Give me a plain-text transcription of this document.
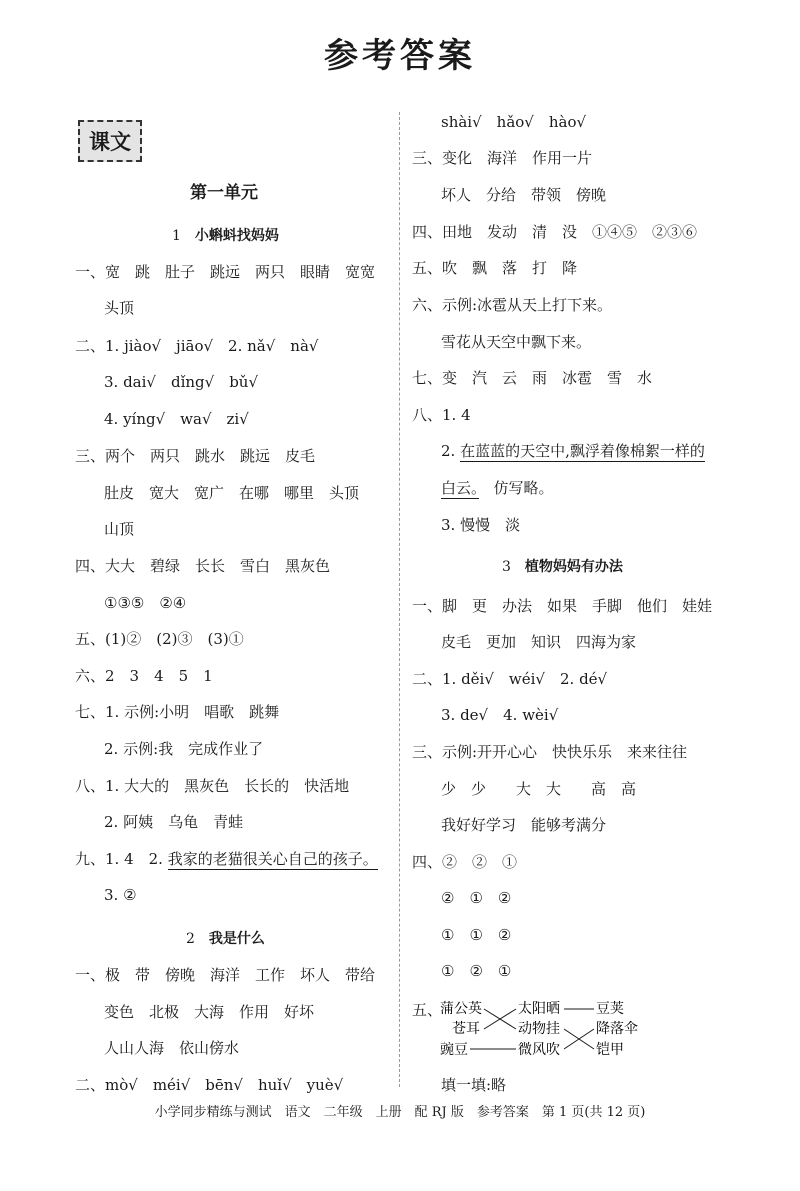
参考答案
课文
第一单元
1 小蝌蚪找妈妈
一、宽　跳　肚子　跳远　两只　眼睛　宽宽
头顶
二、1. jiào√　jiāo√　2. nǎ√　nà√
3. dai√　dǐng√　bǔ√
4. yíng√　wa√　zi√
三、两个　两只　跳水　跳远　皮毛
肚皮　宽大　宽广　在哪　哪里　头顶
山顶
四、大大　碧绿　长长　雪白　黑灰色
①③⑤　②④
五、(1)②　(2)③　(3)①
六、2　3　4　5　1
七、1. 示例:小明　唱歌　跳舞
2. 示例:我　完成作业了
八、1. 大大的　黑灰色　长长的　快活地
2. 阿姨　乌龟　青蛙
九、1. 4　2. 我家的老猫很关心自己的孩子。
3. ②
2 我是什么
一、极　带　傍晚　海洋　工作　坏人　带给
变色　北极　大海　作用　好坏
人山人海　依山傍水
二、mò√　méi√　bēn√　huǐ√　yuè√
shài√　hǎo√　hào√
三、变化　海洋　作用一片
坏人　分给　带领　傍晚
四、田地　发动　清　没　①④⑤　②③⑥
五、吹　飘　落　打　降
六、示例:冰雹从天上打下来。
雪花从天空中飘下来。
七、变　汽　云　雨　冰雹　雪　水
八、1. 4
2. 在蓝蓝的天空中,飘浮着像棉絮一样的
白云。　仿写略。
3. 慢慢　淡
3 植物妈妈有办法
一、脚　更　办法　如果　手脚　他们　娃娃
皮毛　更加　知识　四海为家
二、1. děi√　wéi√　2. dé√
3. de√　4. wèi√
三、示例:开开心心　快快乐乐　来来往往
少　少　　大　大　　高　高
我好好学习　能够考满分
四、②　②　①
②　①　②
①　①　②
①　②　①
五、
蒲公英
苍耳
豌豆
太阳晒
动物挂
微风吹
豆荚
降落伞
铠甲
填一填:略
小学同步精练与测试　语文　二年级　上册　配 RJ 版　参考答案　第 1 页(共 12 页)
